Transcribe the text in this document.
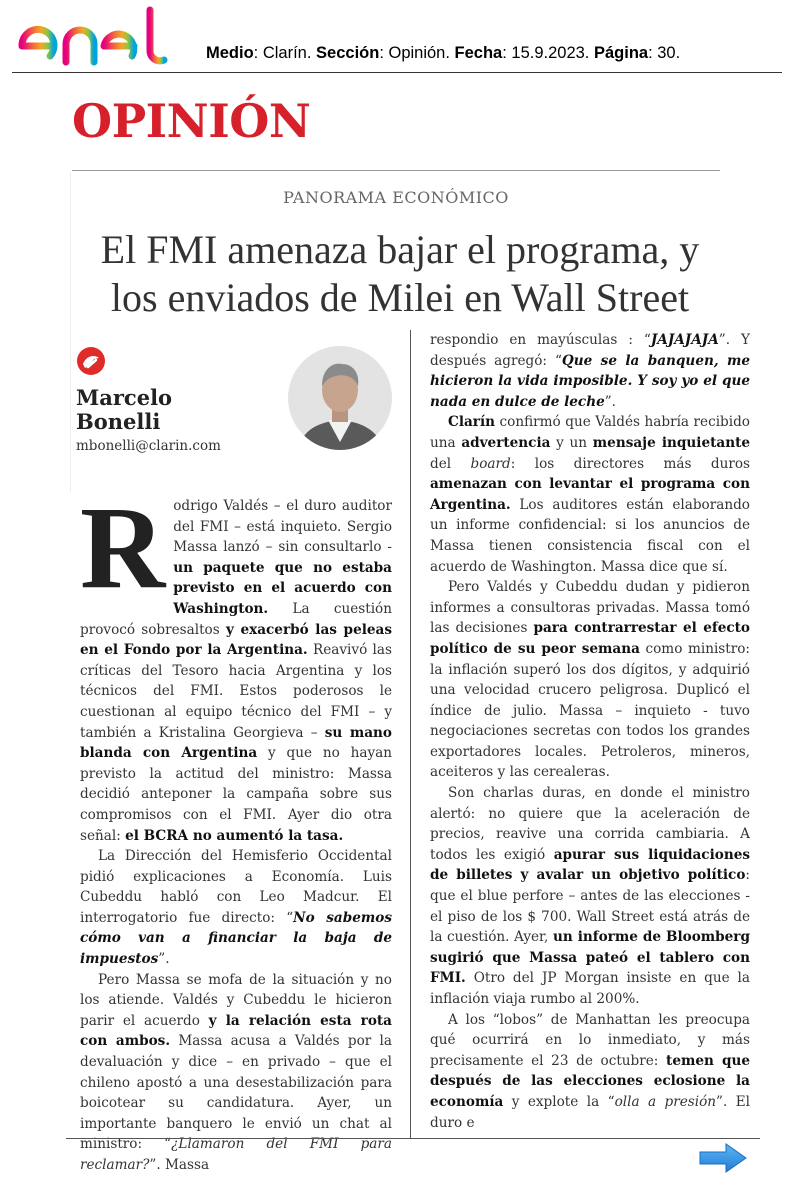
Medio: Clarín. Sección: Opinión. Fecha: 15.9.2023. Página: 30.
OPINIÓN
PANORAMA ECONÓMICO
El FMI amenaza bajar el programa, y
los enviados de Milei en Wall Street
Marcelo
Bonelli
mbonelli@clarin.com

Rodrigo Valdés – el duro auditor del FMI – está inquieto. Sergio Massa lanzó – sin consultarlo - un paquete que no estaba previsto en el acuerdo con Washington. La cuestión provocó sobresaltos y exacerbó las peleas en el Fondo por la Argentina. Reavivó las críticas del Tesoro hacia Argentina y los técnicos del FMI. Estos poderosos le cuestionan al equipo técnico del FMI – y también a Kristalina Georgieva – su mano blanda con Argentina y que no hayan previsto la actitud del ministro: Massa decidió anteponer la campaña sobre sus compromisos con el FMI. Ayer dio otra señal: el BCRA no aumentó la tasa.

La Dirección del Hemisferio Occidental pidió explicaciones a Economía. Luis Cubeddu habló con Leo Madcur. El interrogatorio fue directo: “No sabemos cómo van a financiar la baja de impuestos”.

Pero Massa se mofa de la situación y no los atiende. Valdés y Cubeddu le hicieron parir el acuerdo y la relación esta rota con ambos. Massa acusa a Valdés por la devaluación y dice – en privado – que el chileno apostó a una desestabilización para boicotear su candidatura. Ayer, un importante banquero le envió un chat al ministro: “¿Llamaron del FMI para reclamar?”. Massa

respondio en mayúsculas : “JAJAJAJA”. Y después agregó: “Que se la banquen, me hicieron la vida imposible. Y soy yo el que nada en dulce de leche”.

Clarín confirmó que Valdés habría recibido una advertencia y un mensaje inquietante del board: los directores más duros amenazan con levantar el programa con Argentina. Los auditores están elaborando un informe confidencial: si los anuncios de Massa tienen consistencia fiscal con el acuerdo de Washington. Massa dice que sí.

Pero Valdés y Cubeddu dudan y pidieron informes a consultoras privadas. Massa tomó las decisiones para contrarrestar el efecto político de su peor semana como ministro: la inflación superó los dos dígitos, y adquirió una velocidad crucero peligrosa. Duplicó el índice de julio. Massa – inquieto - tuvo negociaciones secretas con todos los grandes exportadores locales. Petroleros, mineros, aceiteros y las cerealeras.

Son charlas duras, en donde el ministro alertó: no quiere que la aceleración de precios, reavive una corrida cambiaria. A todos les exigió apurar sus liquidaciones de billetes y avalar un objetivo político: que el blue perfore – antes de las elecciones -el piso de los $ 700. Wall Street está atrás de la cuestión. Ayer, un informe de Bloomberg sugirió que Massa pateó el tablero con FMI. Otro del JP Morgan insiste en que la inflación viaja rumbo al 200%.

A los “lobos” de Manhattan les preocupa qué ocurrirá en lo inmediato, y más precisamente el 23 de octubre: temen que después de las elecciones eclosione la economía y explote la “olla a presión”. El duro e
